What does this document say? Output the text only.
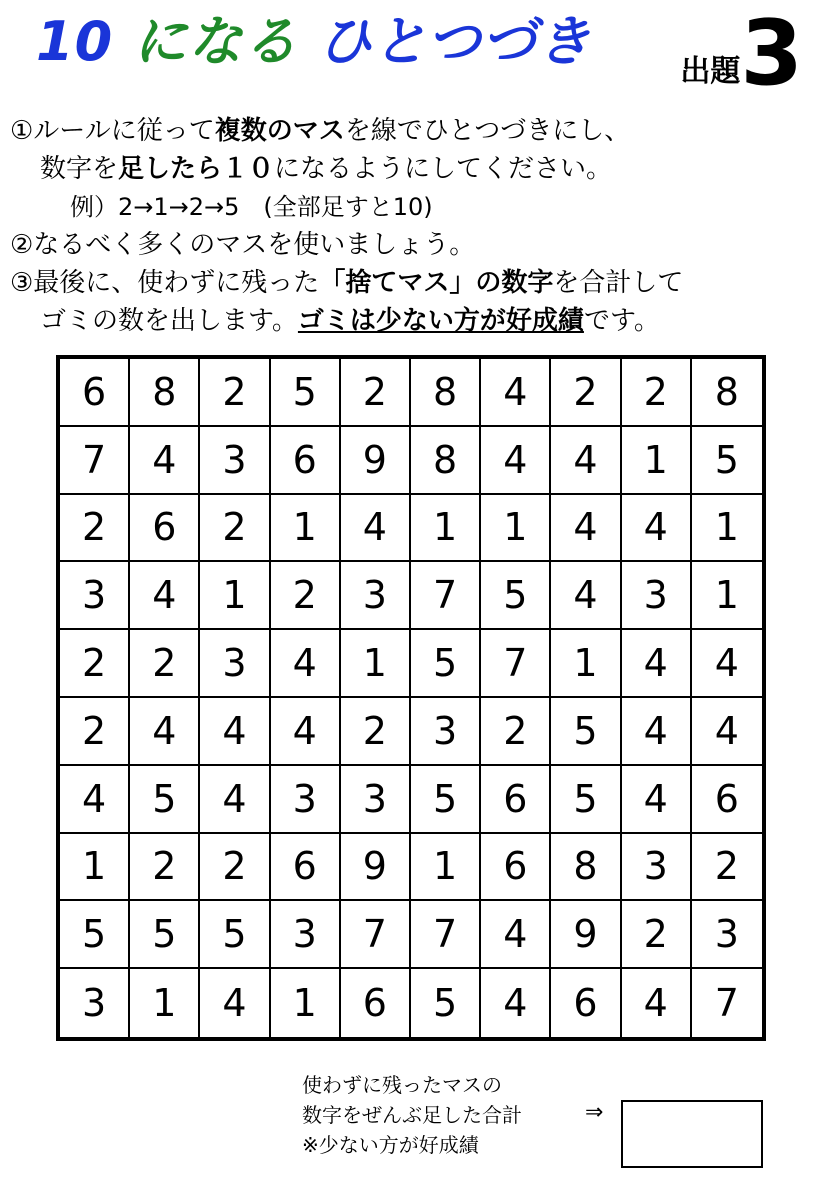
10 になる ひとつづき	出題3

①ルールに従って複数のマスを線でひとつづきにし、

数字を足したら１０になるようにしてください。

例）2→1→2→5　(全部足すと10)

②なるべく多くのマスを使いましょう。

③最後に、使わずに残った「捨てマス」の数字を合計して

ゴミの数を出します。ゴミは少ない方が好成績です。

6	8	2	5	2	8	4	2	2	8
7	4	3	6	9	8	4	4	1	5
2	6	2	1	4	1	1	4	4	1
3	4	1	2	3	7	5	4	3	1
2	2	3	4	1	5	7	1	4	4
2	4	4	4	2	3	2	5	4	4
4	5	4	3	3	5	6	5	4	6
1	2	2	6	9	1	6	8	3	2
5	5	5	3	7	7	4	9	2	3
3	1	4	1	6	5	4	6	4	7

使わずに残ったマスの

数字をぜんぶ足した合計

※少ない方が好成績

⇒
